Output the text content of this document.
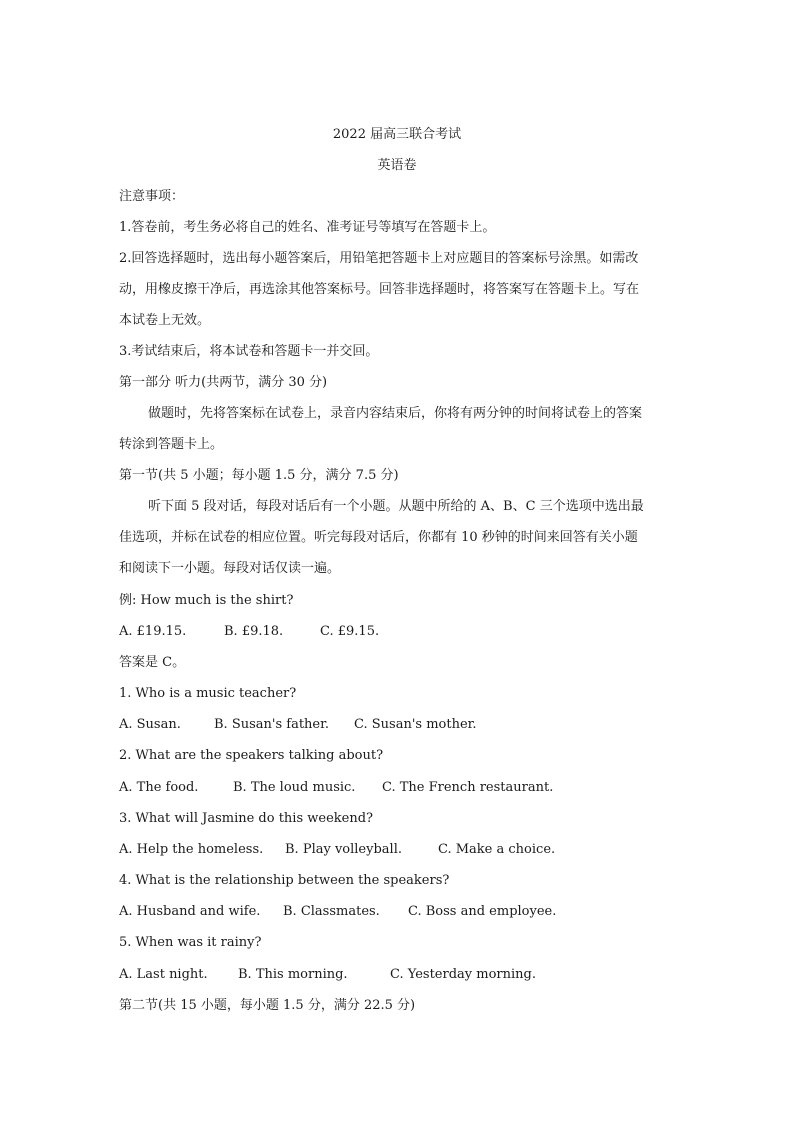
2022 届高三联合考试
英语卷
注意事项：
1.答卷前，考生务必将自己的姓名、准考证号等填写在答题卡上。
2.回答选择题时，选出每小题答案后，用铅笔把答题卡上对应题目的答案标号涂黑。如需改
动，用橡皮擦干净后，再选涂其他答案标号。回答非选择题时，将答案写在答题卡上。写在
本试卷上无效。
3.考试结束后，将本试卷和答题卡一并交回。
第一部分 听力(共两节，满分 30 分)
做题时，先将答案标在试卷上，录音内容结束后，你将有两分钟的时间将试卷上的答案
转涂到答题卡上。
第一节(共 5 小题；每小题 1.5 分，满分 7.5 分)
听下面 5 段对话，每段对话后有一个小题。从题中所给的 A、B、C 三个选项中选出最
佳选项，并标在试卷的相应位置。听完每段对话后，你都有 10 秒钟的时间来回答有关小题
和阅读下一小题。每段对话仅读一遍。
例: How much is the shirt?
A. £19.15.	B. £9.18.	C. £9.15.
答案是 C。
1. Who is a music teacher?
A. Susan.	B. Susan's father. C. Susan's mother.
2. What are the speakers talking about?
A. The food.	B. The loud music. C. The French restaurant.
3. What will Jasmine do this weekend?
A. Help the homeless. B. Play volleyball.	C. Make a choice.
4. What is the relationship between the speakers?
A. Husband and wife. B. Classmates. C. Boss and employee.
5. When was it rainy?
A. Last night. B. This morning.	C. Yesterday morning.
第二节(共 15 小题，每小题 1.5 分，满分 22.5 分)
